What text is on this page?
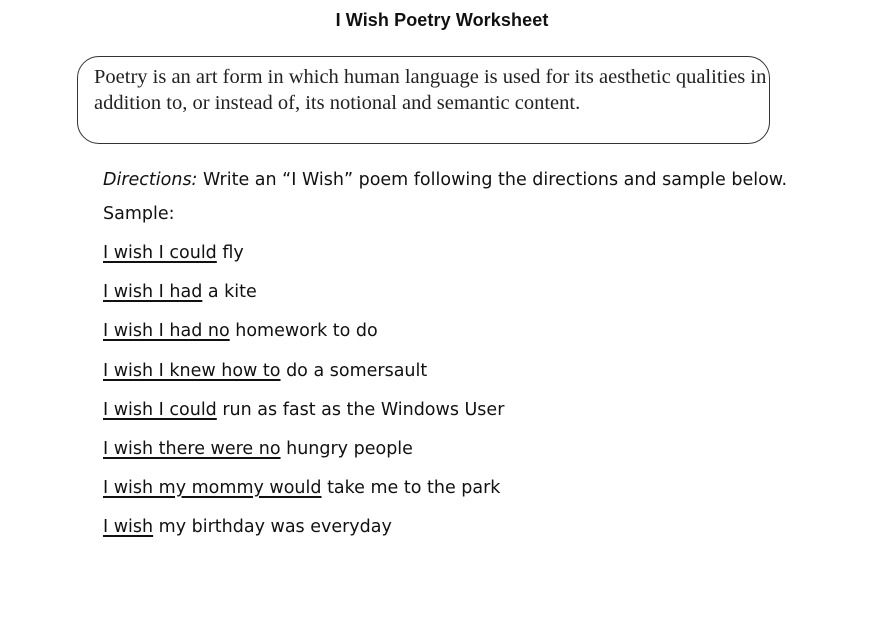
I Wish Poetry Worksheet
Poetry is an art form in which human language is used for its aesthetic qualities in addition to, or instead of, its notional and semantic content.

Directions: Write an “I Wish” poem following the directions and sample below.

Sample:
I wish I could fly
I wish I had a kite
I wish I had no homework to do
I wish I knew how to do a somersault
I wish I could run as fast as the Windows User
I wish there were no hungry people
I wish my mommy would take me to the park
I wish my birthday was everyday
